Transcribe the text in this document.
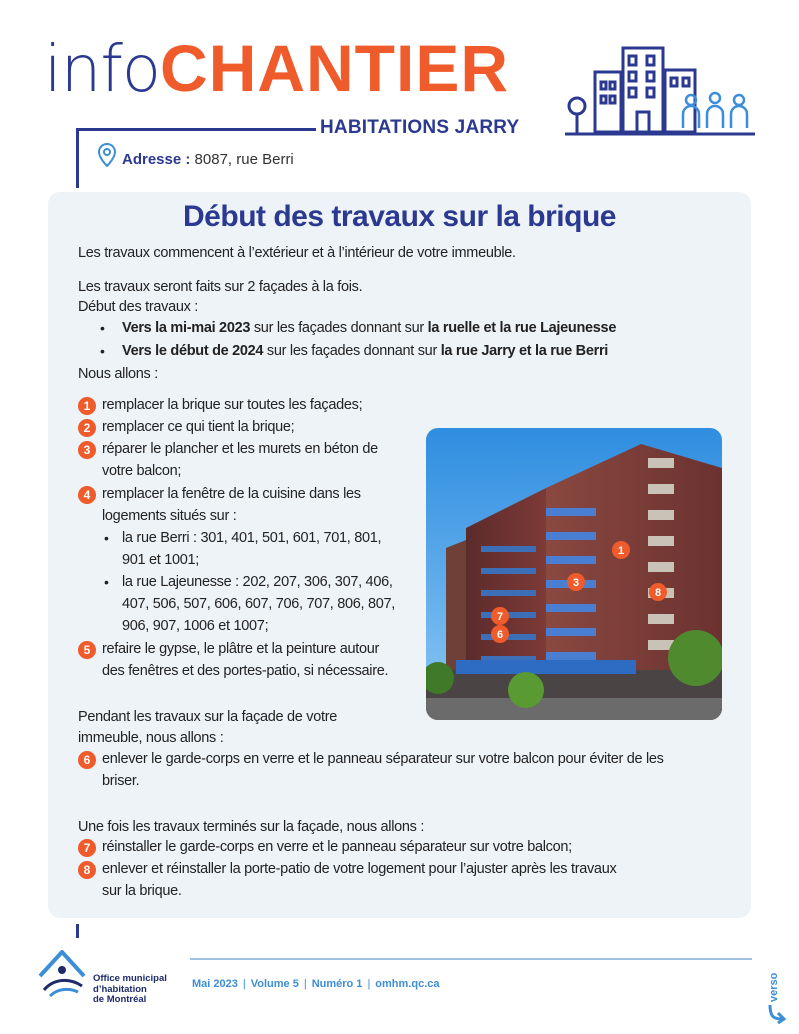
infoCHANTIER
HABITATIONS JARRY
Adresse : 8087, rue Berri
Début des travaux sur la brique
Les travaux commencent à l’extérieur et à l’intérieur de votre immeuble.
Les travaux seront faits sur 2 façades à la fois.
Début des travaux :
• Vers la mi-mai 2023 sur les façades donnant sur la ruelle et la rue Lajeunesse
• Vers le début de 2024 sur les façades donnant sur la rue Jarry et la rue Berri
Nous allons :
1 remplacer la brique sur toutes les façades;
2 remplacer ce qui tient la brique;
3 réparer le plancher et les murets en béton de
votre balcon;
4 remplacer la fenêtre de la cuisine dans les
logements situés sur :
• la rue Berri : 301, 401, 501, 601, 701, 801,
901 et 1001;
• la rue Lajeunesse : 202, 207, 306, 307, 406,
407, 506, 507, 606, 607, 706, 707, 806, 807,
906, 907, 1006 et 1007;
5 refaire le gypse, le plâtre et la peinture autour
des fenêtres et des portes-patio, si nécessaire.
1
3
8
7
6
Pendant les travaux sur la façade de votre
immeuble, nous allons :
6 enlever le garde-corps en verre et le panneau séparateur sur votre balcon pour éviter de les
briser.
Une fois les travaux terminés sur la façade, nous allons :
7 réinstaller le garde-corps en verre et le panneau séparateur sur votre balcon;
8 enlever et réinstaller la porte-patio de votre logement pour l’ajuster après les travaux
sur la brique.
Office municipal
d’habitation
de Montréal
Mai 2023 | Volume 5 | Numéro 1 | omhm.qc.ca	verso
